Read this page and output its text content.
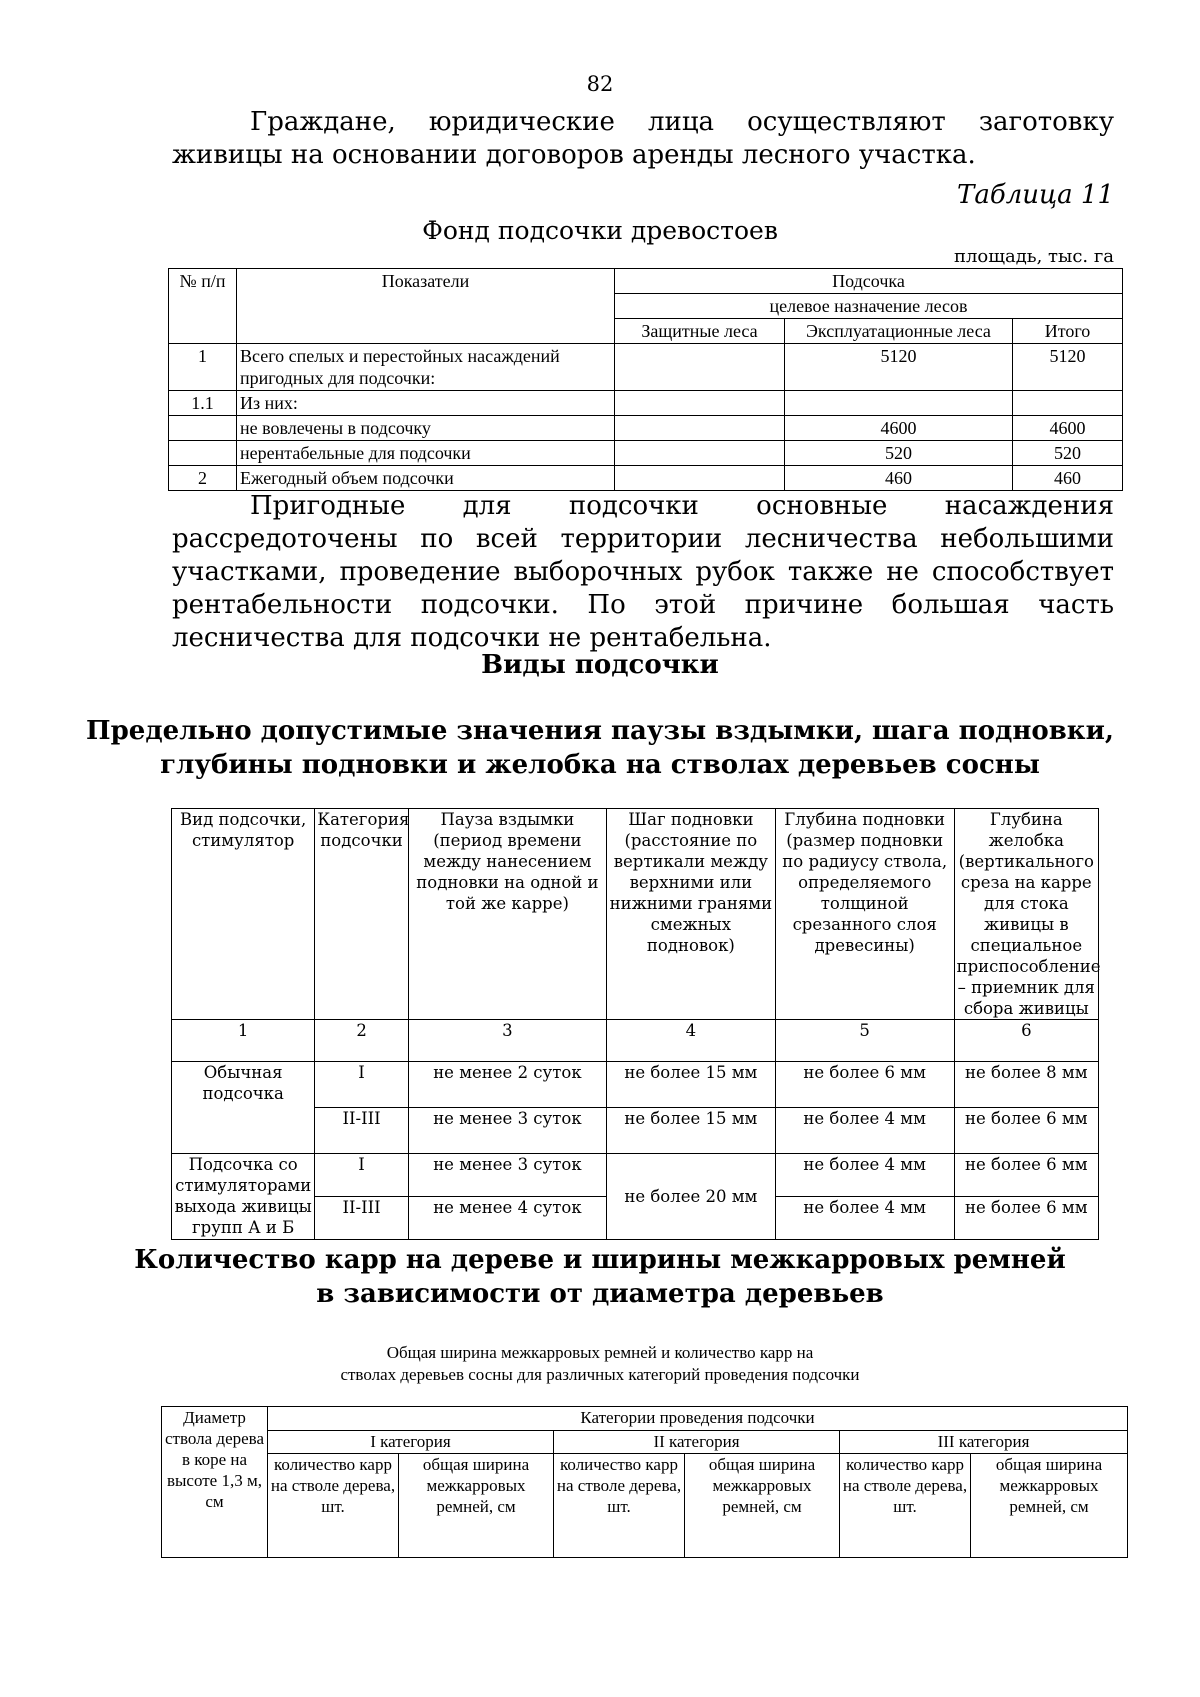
82
Граждане, юридические лица осуществляют заготовку живицы на основании договоров аренды лесного участка.
Таблица 11
Фонд подсочки древостоев
площадь, тыс. га
№ п/п	Показатели	Подсочка		
		целевое назначение лесов		
		Защитные леса	Эксплуатационные леса	Итого
1	Всего спелых и перестойных насаждений пригодных для подсочки:		5120	5120
1.1	Из них:			
	не вовлечены в подсочку		4600	4600
	нерентабельные для подсочки		520	520
2	Ежегодный объем подсочки		460	460
Пригодные для подсочки основные насаждения рассредоточены по всей территории лесничества небольшими участками, проведение выборочных рубок также не способствует рентабельности подсочки. По этой причине большая часть лесничества для подсочки не рентабельна.
Виды подсочки
Предельно допустимые значения паузы вздымки, шага подновки,
глубины подновки и желобка на стволах деревьев сосны
Вид подсочки, стимулятор	Категория подсочки	Пауза вздымки (период времени между нанесением подновки на одной и той же карре)	Шаг подновки (расстояние по вертикали между верхними или нижними гранями смежных подновок)	Глубина подновки (размер подновки по радиусу ствола, определяемого толщиной срезанного слоя древесины)	Глубина желобка (вертикального среза на карре для стока живицы в специальное приспособление – приемник для сбора живицы
1	2	3	4	5	6
Обычная подсочка	I	не менее 2 суток	не более 15 мм	не более 6 мм	не более 8 мм
	II-III	не менее 3 суток	не более 15 мм	не более 4 мм	не более 6 мм
Подсочка со стимуляторами выхода живицы групп А и Б	I	не менее 3 суток	не более 20 мм	не более 4 мм	не более 6 мм
	II-III	не менее 4 суток		не более 4 мм	не более 6 мм
Количество карр на дереве и ширины межкарровых ремней
в зависимости от диаметра деревьев
Общая ширина межкарровых ремней и количество карр на
стволах деревьев сосны для различных категорий проведения подсочки
Диаметр ствола дерева в коре на высоте 1,3 м, см	Категории проведения подсочки					
	I категория		II категория		III категория	
	количество карр на стволе дерева, шт.	общая ширина межкарровых ремней, см	количество карр на стволе дерева, шт.	общая ширина межкарровых ремней, см	количество карр на стволе дерева, шт.	общая ширина межкарровых ремней, см
